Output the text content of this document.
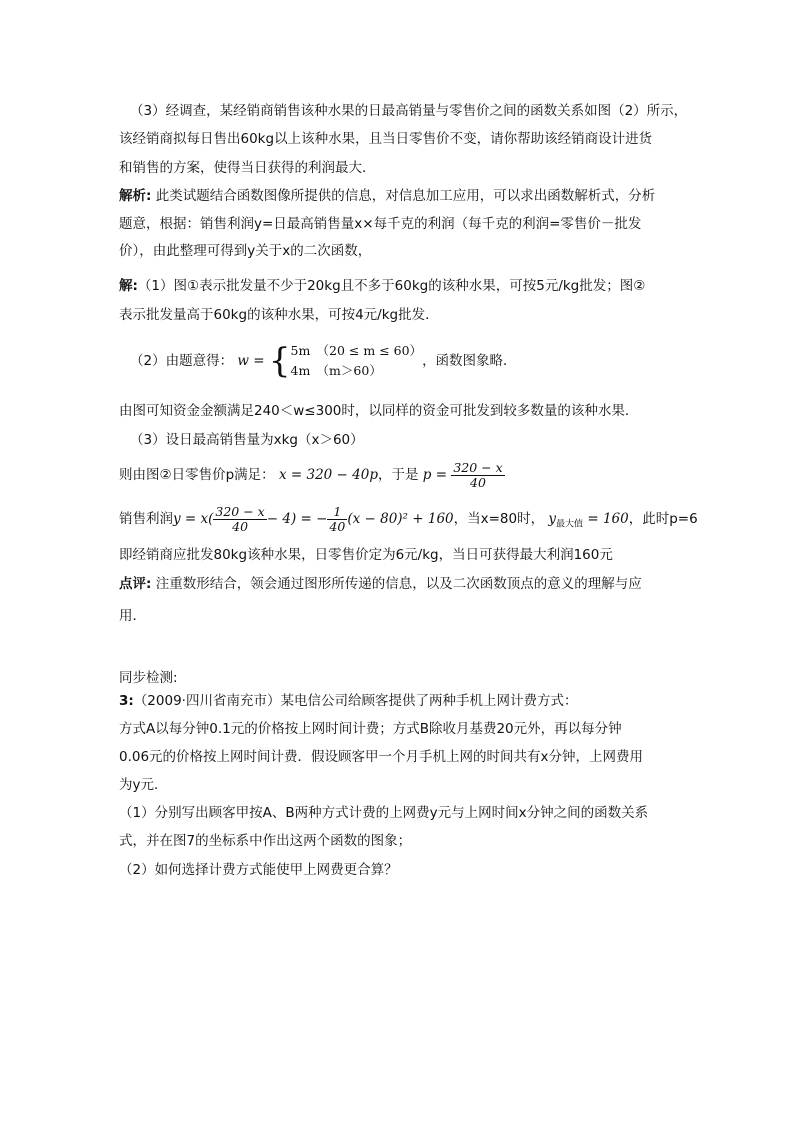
（3）经调查，某经销商销售该种水果的日最高销量与零售价之间的函数关系如图（2）所示，
该经销商拟每日售出60kg以上该种水果，且当日零售价不变，请你帮助该经销商设计进货
和销售的方案，使得当日获得的利润最大．
解析: 此类试题结合函数图像所提供的信息，对信息加工应用，可以求出函数解析式，分析
题意，根据：销售利润y=日最高销售量x×每千克的利润（每千克的利润=零售价－批发
价），由此整理可得到y关于x的二次函数，
解:（1）图①表示批发量不少于20kg且不多于60kg的该种水果，可按5元/kg批发；图②
表示批发量高于60kg的该种水果，可按4元/kg批发．
（2）由题意得： w = { 5m　（20 ≤ m ≤ 60）
4m　（m＞60）
，函数图象略．
由图可知资金金额满足240＜w≤300时，以同样的资金可批发到较多数量的该种水果．
（3）设日最高销售量为xkg（x＞60）
则由图②日零售价p满足： x = 320 − 40p，于是 $p = \frac{320 - x}{40}$
销售利润$y = x( \frac{320 - x}{40} - 4)$ = − $\frac{1}{40} (x - 80)^2 + 160$，当x=80时， $y_{最大值} = 160$，此时p=6
即经销商应批发80kg该种水果，日零售价定为6元/kg，当日可获得最大利润160元
点评: 注重数形结合，领会通过图形所传递的信息，以及二次函数顶点的意义的理解与应
用．
同步检测:
3:（2009·四川省南充市）某电信公司给顾客提供了两种手机上网计费方式：
方式A以每分钟0.1元的价格按上网时间计费；方式B除收月基费20元外，再以每分钟
0.06元的价格按上网时间计费．假设顾客甲一个月手机上网的时间共有x分钟，上网费用
为y元．
（1）分别写出顾客甲按A、B两种方式计费的上网费y元与上网时间x分钟之间的函数关系
式，并在图7的坐标系中作出这两个函数的图象；
（2）如何选择计费方式能使甲上网费更合算？
